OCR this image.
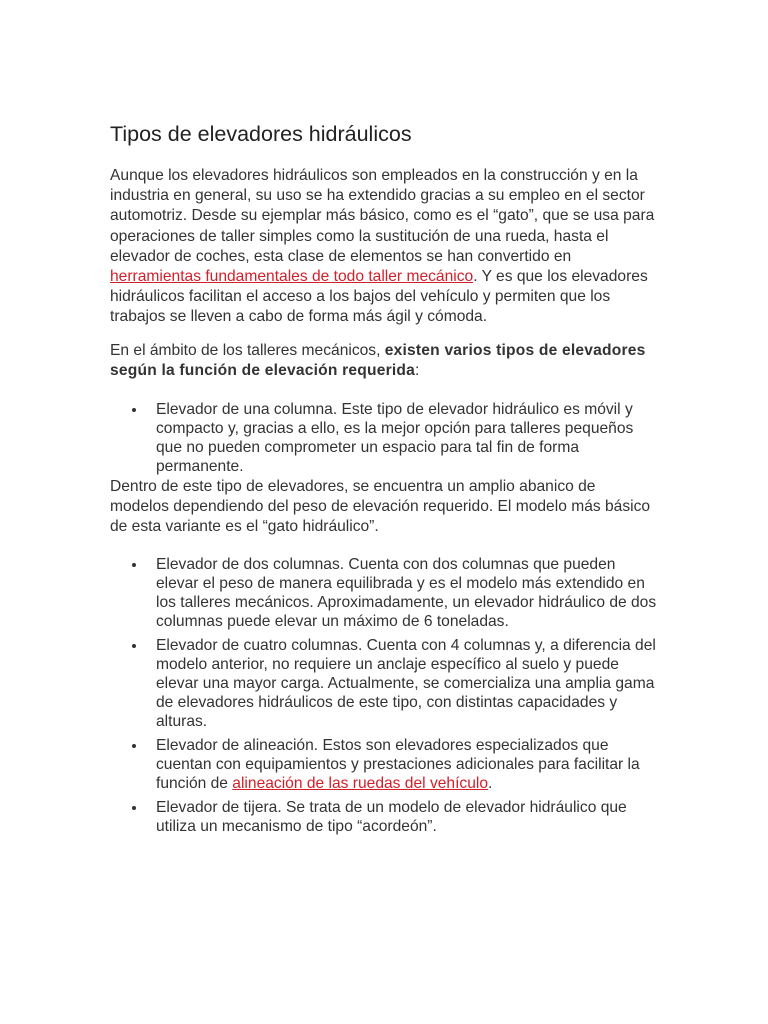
Tipos de elevadores hidráulicos

Aunque los elevadores hidráulicos son empleados en la construcción y en la industria en general, su uso se ha extendido gracias a su empleo en el sector automotriz. Desde su ejemplar más básico, como es el “gato”, que se usa para operaciones de taller simples como la sustitución de una rueda, hasta el elevador de coches, esta clase de elementos se han convertido en herramientas fundamentales de todo taller mecánico. Y es que los elevadores hidráulicos facilitan el acceso a los bajos del vehículo y permiten que los trabajos se lleven a cabo de forma más ágil y cómoda.

En el ámbito de los talleres mecánicos, existen varios tipos de elevadores según la función de elevación requerida:

Elevador de una columna. Este tipo de elevador hidráulico es móvil y compacto y, gracias a ello, es la mejor opción para talleres pequeños que no pueden comprometer un espacio para tal fin de forma permanente.

Dentro de este tipo de elevadores, se encuentra un amplio abanico de modelos dependiendo del peso de elevación requerido. El modelo más básico de esta variante es el “gato hidráulico”.

Elevador de dos columnas. Cuenta con dos columnas que pueden elevar el peso de manera equilibrada y es el modelo más extendido en los talleres mecánicos. Aproximadamente, un elevador hidráulico de dos columnas puede elevar un máximo de 6 toneladas.
Elevador de cuatro columnas. Cuenta con 4 columnas y, a diferencia del modelo anterior, no requiere un anclaje específico al suelo y puede elevar una mayor carga. Actualmente, se comercializa una amplia gama de elevadores hidráulicos de este tipo, con distintas capacidades y alturas.
Elevador de alineación. Estos son elevadores especializados que cuentan con equipamientos y prestaciones adicionales para facilitar la función de alineación de las ruedas del vehículo.
Elevador de tijera. Se trata de un modelo de elevador hidráulico que utiliza un mecanismo de tipo “acordeón”.
